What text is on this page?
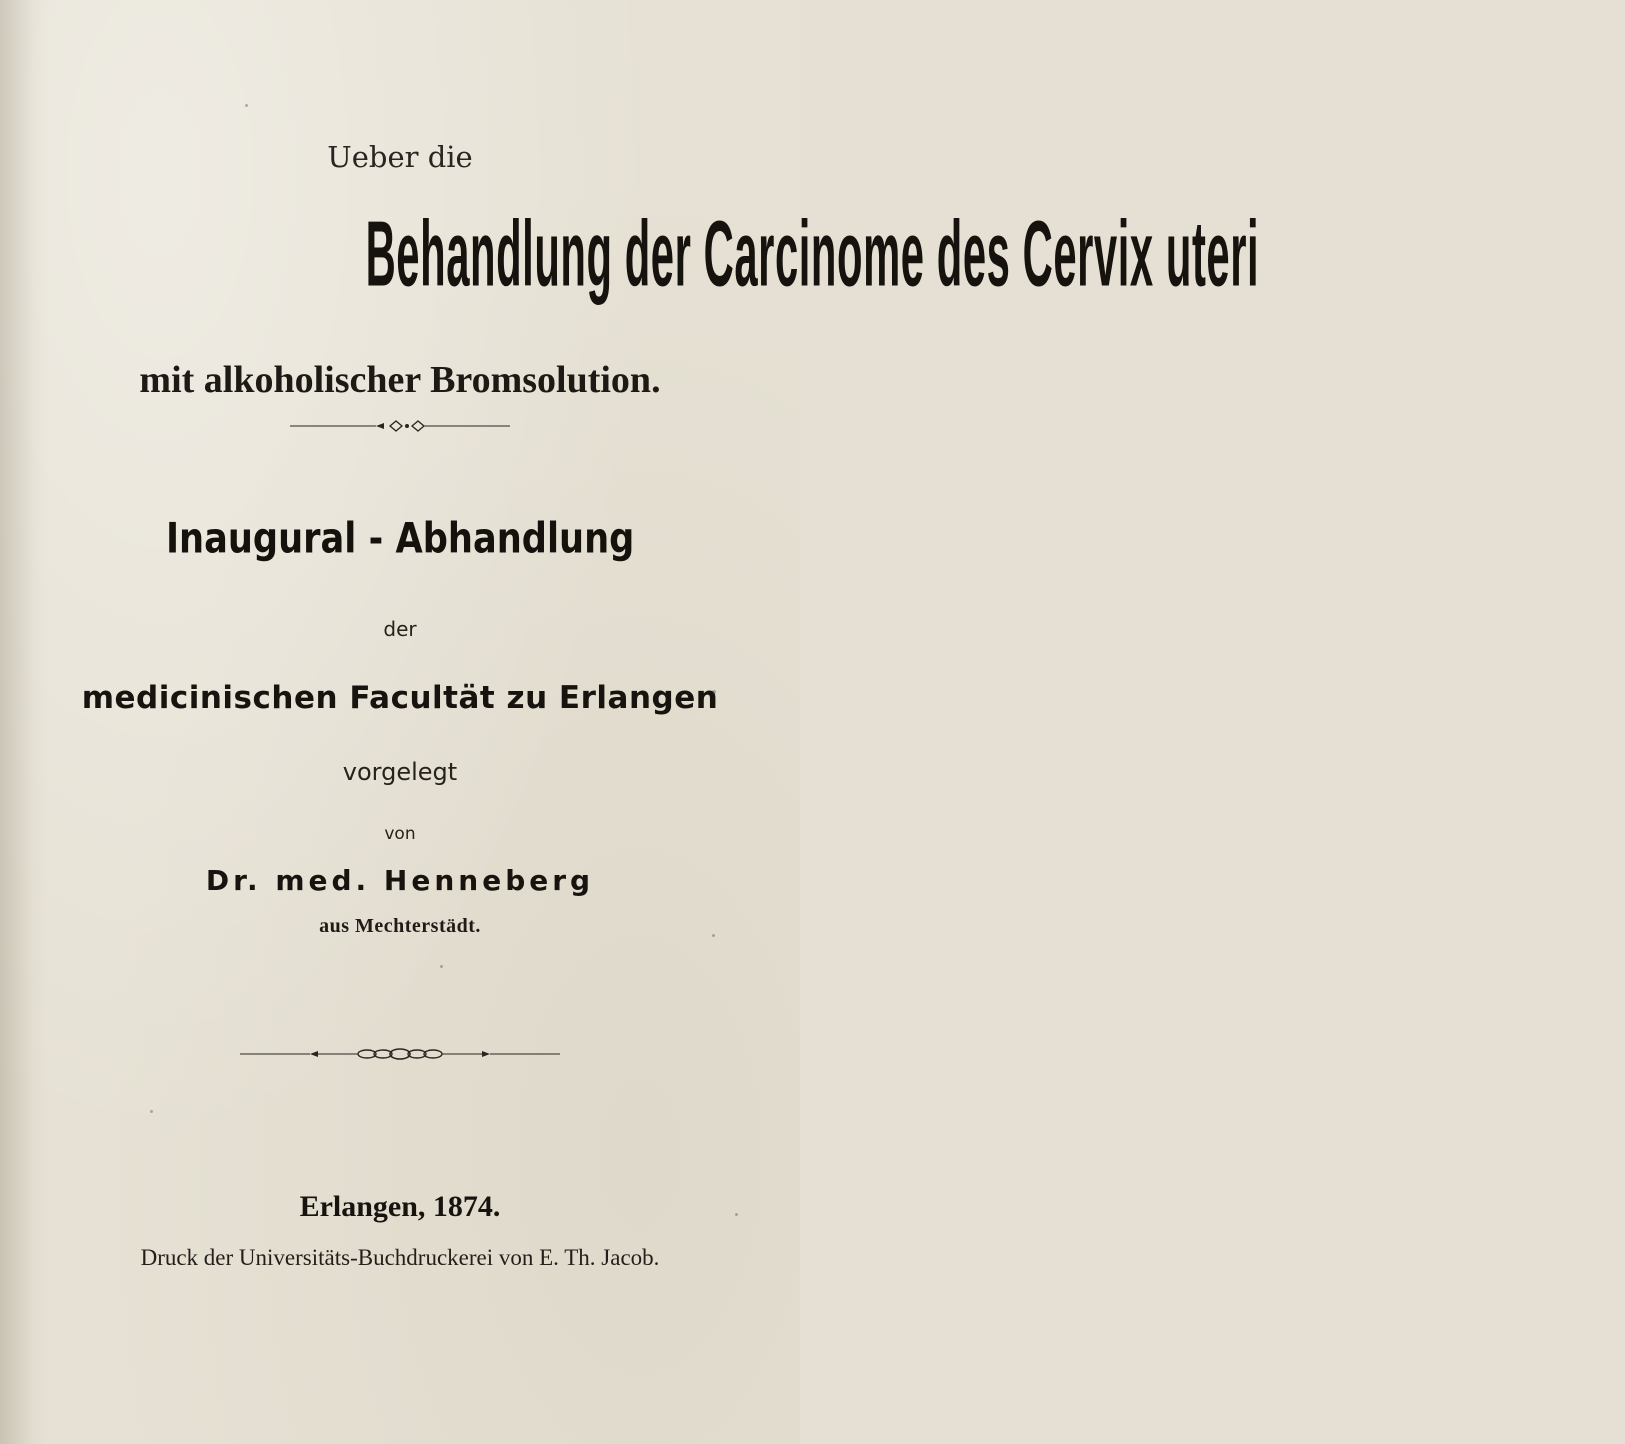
Ueber die
Behandlung der Carcinome des Cervix uteri
mit alkoholischer Bromsolution.
Inaugural - Abhandlung
der
medicinischen Facultät zu Erlangen
vorgelegt
von
Dr. med. Henneberg
aus Mechterstädt.
Erlangen, 1874.
Druck der Universitäts-Buchdruckerei von E. Th. Jacob.
